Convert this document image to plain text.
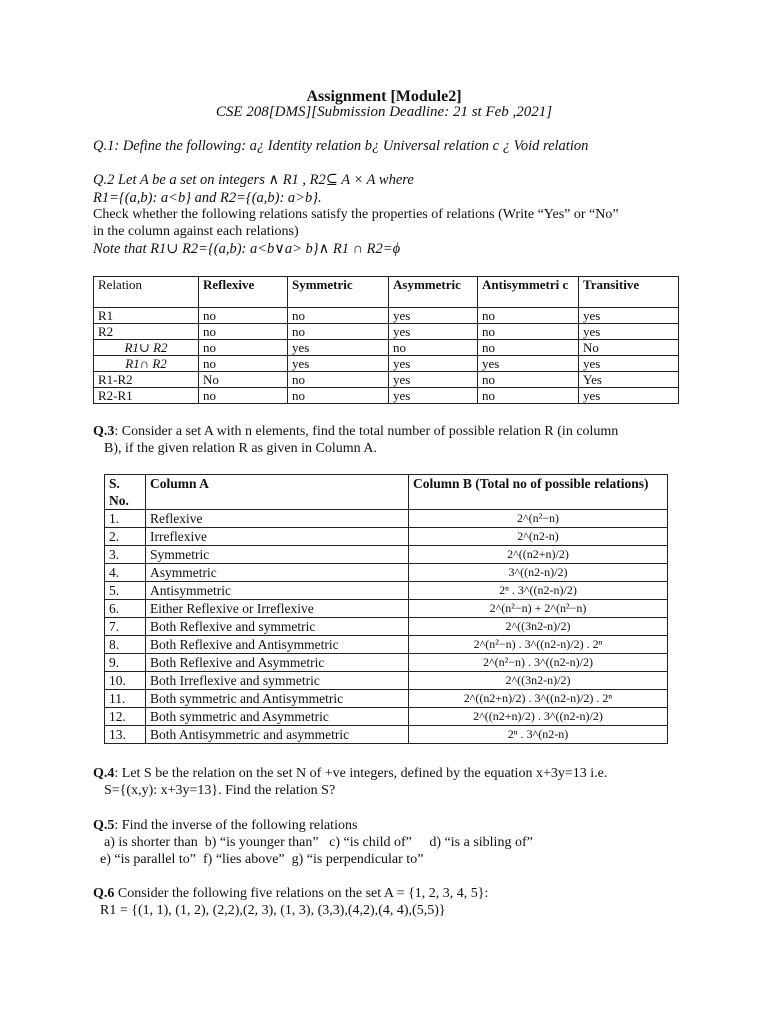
Assignment [Module2]
CSE 208[DMS][Submission Deadline: 21 st Feb ,2021]
Q.1: Define the following: a¿ Identity relation b¿ Universal relation c ¿ Void relation
Q.2 Let A be a set on integers ∧ R1 , R2⊆ A × A where
R1={(a,b): a<b} and R2={(a,b): a>b}.
Check whether the following relations satisfy the properties of relations (Write “Yes” or “No”
in the column against each relations)
Note that R1∪ R2={(a,b): a<b∨a> b}∧ R1 ∩ R2=ϕ
Relation	Reflexive	Symmetric	Asymmetric	Antisymmetri c	Transitive
R1	no	no	yes	no	yes
R2	no	no	yes	no	yes
R1∪ R2	no	yes	no	no	No
R1∩ R2	no	yes	yes	yes	yes
R1-R2	No	no	yes	no	Yes
R2-R1	no	no	yes	no	yes
Q.3: Consider a set A with n elements, find the total number of possible relation R (in column
B), if the given relation R as given in Column A.
S. No.	Column A	Column B (Total no of possible relations)
1.	Reflexive	2^(n²−n)
2.	Irreflexive	2^(n2-n)
3.	Symmetric	2^((n2+n)/2)
4.	Asymmetric	3^((n2-n)/2)
5.	Antisymmetric	2ⁿ . 3^((n2-n)/2)
6.	Either Reflexive or Irreflexive	2^(n²−n) + 2^(n²−n)
7.	Both Reflexive and symmetric	2^((3n2-n)/2)
8.	Both Reflexive and Antisymmetric	2^(n²−n) . 3^((n2-n)/2) . 2ⁿ
9.	Both Reflexive and Asymmetric	2^(n²−n) . 3^((n2-n)/2)
10.	Both Irreflexive and symmetric	2^((3n2-n)/2)
11.	Both symmetric and Antisymmetric	2^((n2+n)/2) . 3^((n2-n)/2) . 2ⁿ
12.	Both symmetric and Asymmetric	2^((n2+n)/2) . 3^((n2-n)/2)
13.	Both Antisymmetric and asymmetric	2ⁿ . 3^(n2-n)
Q.4: Let S be the relation on the set N of +ve integers, defined by the equation x+3y=13 i.e.
S={(x,y): x+3y=13}. Find the relation S?
Q.5: Find the inverse of the following relations
a) is shorter than  b) “is younger than”   c) “is child of”     d) “is a sibling of”
e) “is parallel to”  f) “lies above”  g) “is perpendicular to”
Q.6 Consider the following five relations on the set A = {1, 2, 3, 4, 5}:
R1 = {(1, 1), (1, 2), (2,2),(2, 3), (1, 3), (3,3),(4,2),(4, 4),(5,5)}
